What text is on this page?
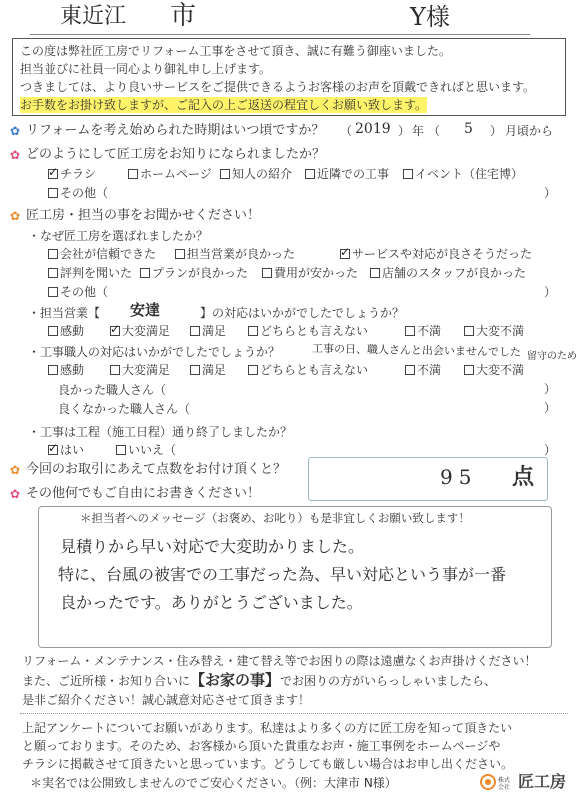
東近江 市	Y様
この度は弊社匠工房でリフォーム工事をさせて頂き、誠に有難う御座いました。
担当並びに社員一同心より御礼申し上げます。
つきましては、より良いサービスをご提供できるようお客様のお声を頂戴できればと思います。
お手数をお掛け致しますが、ご記入の上ご返送の程宜しくお願い致します。
✿ リフォームを考え始められた時期はいつ頃ですか？ （ 2019 ） 年 （ 5 ） 月頃から
✿ どのようにして匠工房をお知りになられましたか？
✓チラシ	ホームページ	知人の紹介	近隣での工事	イベント（住宅博）
その他（	）
✿ 匠工房・担当の事をお聞かせください！
・なぜ匠工房を選ばれましたか？
会社が信頼できた	担当営業が良かった ✓	サービスや対応が良さそうだった
評判を聞いた	プランが良かった	費用が安かった	店舗のスタッフが良かった
その他（	）
・担当営業【 安達	】の対応はいかがでしたでしょうか？
感動 ✓	大変満足	満足	どちらとも言えない	不満	大変不満
・工事職人の対応はいかがでしたでしょうか？	工事の日、職人さんと出会いませんでした 留守のため
感動	大変満足	満足	どちらとも言えない	不満	大変不満
良かった職人さん（	）
良くなかった職人さん（	）
・工事は工程（施工日程）通り終了しましたか？
✓はい	いいえ（	）
✿ 今回のお取引にあえて点数をお付け頂くと？	95 点
✿ その他何でもご自由にお書きください！
＊担当者へのメッセージ（お褒め、お叱り）も是非宜しくお願い致します！
見積りから早い対応で大変助かりました。
特に、台風の被害での工事だった為、早い対応という事が一番
良かったです。ありがとうございました。
リフォーム・メンテナンス・住み替え・建て替え等でお困りの際は遠慮なくお声掛けください！
また、ご近所様・お知り合いに【お家の事】でお困りの方がいらっしゃいましたら、
是非ご紹介ください！誠心誠意対応させて頂きます！
上記アンケートについてお願いがあります。私達はより多くの方に匠工房を知って頂きたい
と願っております。そのため、お客様から頂いた貴重なお声・施工事例をホームページや
チラシに掲載させて頂きたいと思っています。どうしても厳しい場合はお申し出ください。
＊実名では公開致しませんのでご安心ください。（例：大津市 N様）	株式会社 匠工房
